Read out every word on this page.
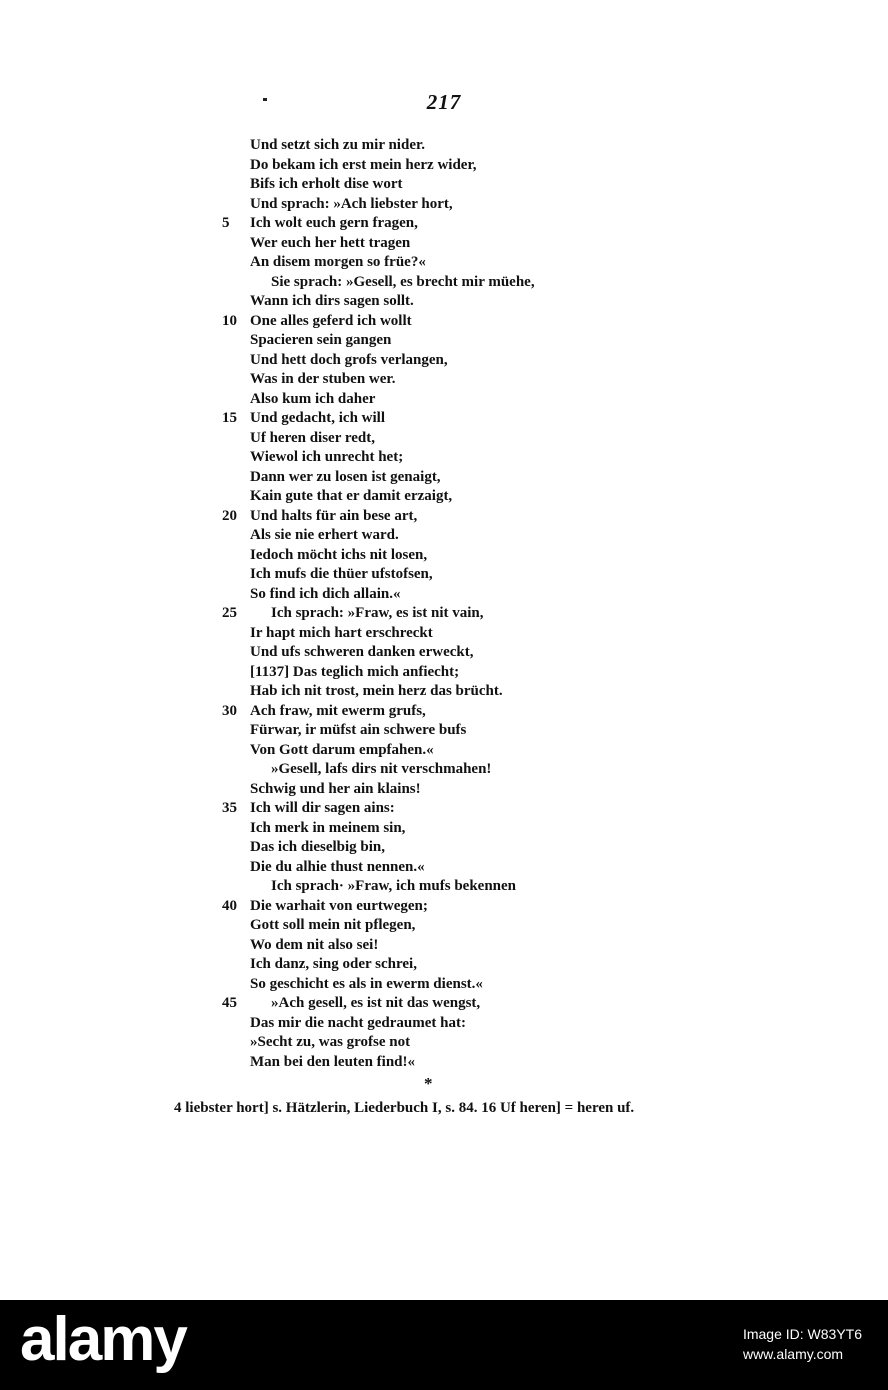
217
Und setzt sich zu mir nider.
Do bekam ich erst mein herz wider,
Bifs ich erholt dise wort
Und sprach: »Ach liebster hort,
5	Ich wolt euch gern fragen,
Wer euch her hett tragen
An disem morgen so früe?«
Sie sprach: »Gesell, es brecht mir müehe,
Wann ich dirs sagen sollt.
10 One alles geferd ich wollt
Spacieren sein gangen
Und hett doch grofs verlangen,
Was in der stuben wer.
Also kum ich daher
15 Und gedacht, ich will
Uf heren diser redt,
Wiewol ich unrecht het;
Dann wer zu losen ist genaigt,
Kain gute that er damit erzaigt,
20 Und halts für ain bese art,
Als sie nie erhert ward.
Iedoch möcht ichs nit losen,
Ich mufs die thüer ufstofsen,
So find ich dich allain.«
25	Ich sprach: »Fraw, es ist nit vain,
Ir hapt mich hart erschreckt
Und ufs schweren danken erweckt,
[1137] Das teglich mich anfiecht;
Hab ich nit trost, mein herz das brücht.
30 Ach fraw, mit ewerm grufs,
Fürwar, ir müfst ain schwere bufs
Von Gott darum empfahen.«
»Gesell, lafs dirs nit verschmahen!
Schwig und her ain klains!
35 Ich will dir sagen ains:
Ich merk in meinem sin,
Das ich dieselbig bin,
Die du alhie thust nennen.«
Ich sprach· »Fraw, ich mufs bekennen
40 Die warhait von eurtwegen;
Gott soll mein nit pflegen,
Wo dem nit also sei!
Ich danz, sing oder schrei,
So geschicht es als in ewerm dienst.«
45	»Ach gesell, es ist nit das wengst,
Das mir die nacht gedraumet hat:
»Secht zu, was grofse not
Man bei den leuten find!«
*
4 liebster hort] s. Hätzlerin, Liederbuch I, s. 84. 16 Uf heren] = heren uf.
alamy	Image ID: W83YT6
www.alamy.com
